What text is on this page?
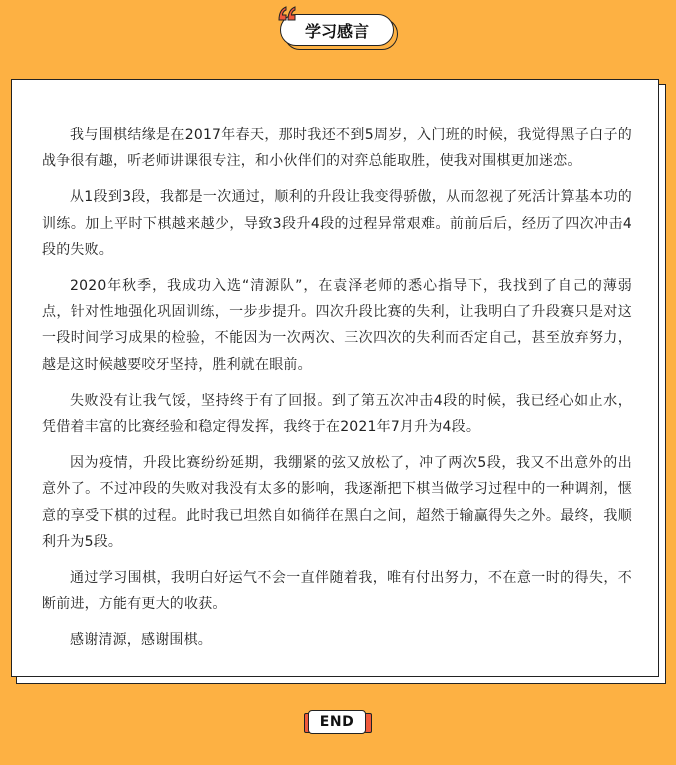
学习感言

我与围棋结缘是在2017年春天，那时我还不到5周岁，入门班的时候，我觉得黑子白子的战争很有趣，听老师讲课很专注，和小伙伴们的对弈总能取胜，使我对围棋更加迷恋。

从1段到3段，我都是一次通过，顺利的升段让我变得骄傲，从而忽视了死活计算基本功的训练。加上平时下棋越来越少，导致3段升4段的过程异常艰难。前前后后，经历了四次冲击4段的失败。

2020年秋季，我成功入选“清源队”，在袁泽老师的悉心指导下，我找到了自己的薄弱点，针对性地强化巩固训练，一步步提升。四次升段比赛的失利，让我明白了升段赛只是对这一段时间学习成果的检验，不能因为一次两次、三次四次的失利而否定自己，甚至放弃努力，越是这时候越要咬牙坚持，胜利就在眼前。

失败没有让我气馁，坚持终于有了回报。到了第五次冲击4段的时候，我已经心如止水，凭借着丰富的比赛经验和稳定得发挥，我终于在2021年7月升为4段。

因为疫情，升段比赛纷纷延期，我绷紧的弦又放松了，冲了两次5段，我又不出意外的出意外了。不过冲段的失败对我没有太多的影响，我逐渐把下棋当做学习过程中的一种调剂，惬意的享受下棋的过程。此时我已坦然自如徜徉在黑白之间，超然于输赢得失之外。最终，我顺利升为5段。

通过学习围棋，我明白好运气不会一直伴随着我，唯有付出努力，不在意一时的得失，不断前进，方能有更大的收获。

感谢清源，感谢围棋。

END
